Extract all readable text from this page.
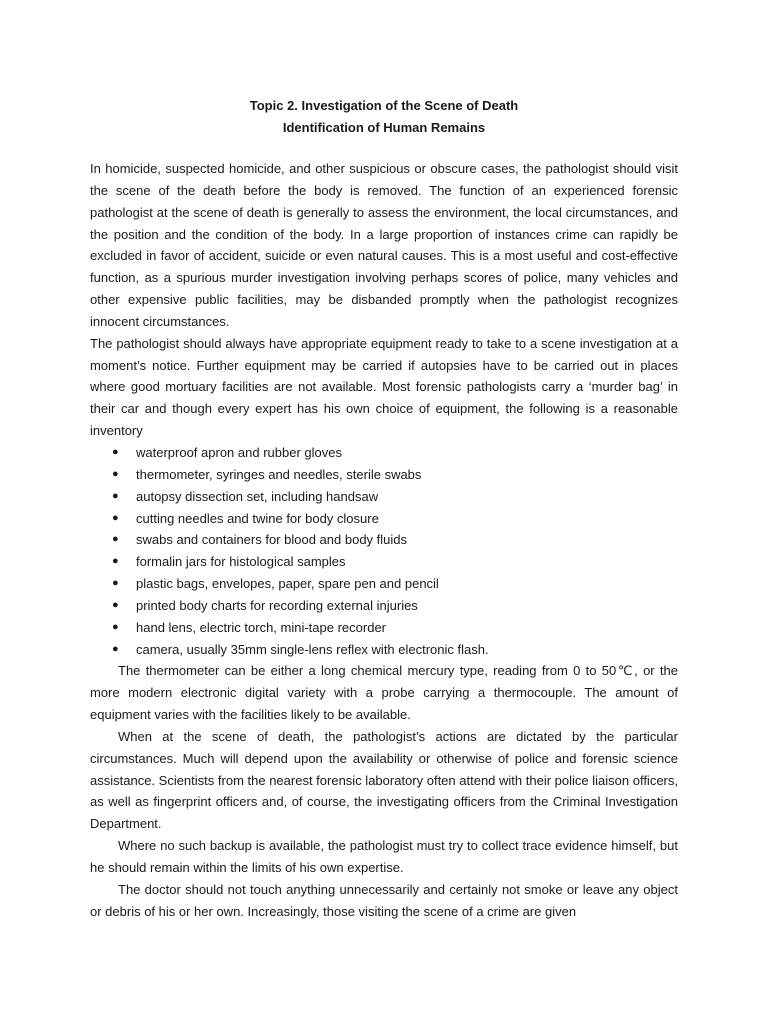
Topic 2. Investigation of the Scene of Death

Identification of Human Remains

In homicide, suspected homicide, and other suspicious or obscure cases, the pathologist should visit the scene of the death before the body is removed. The function of an experienced forensic pathologist at the scene of death is generally to assess the environment, the local circumstances, and the position and the condition of the body. In a large proportion of instances crime can rapidly be excluded in favor of accident, suicide or even natural causes. This is a most useful and cost-effective function, as a spurious murder investigation involving perhaps scores of police, many vehicles and other expensive public facilities, may be disbanded promptly when the pathologist recognizes innocent circumstances.

The pathologist should always have appropriate equipment ready to take to a scene investigation at a moment’s notice. Further equipment may be carried if autopsies have to be carried out in places where good mortuary facilities are not available. Most forensic pathologists carry a ‘murder bag’ in their car and though every expert has his own choice of equipment, the following is a reasonable inventory

● waterproof apron and rubber gloves
● thermometer, syringes and needles, sterile swabs
● autopsy dissection set, including handsaw
● cutting needles and twine for body closure
● swabs and containers for blood and body fluids
● formalin jars for histological samples
● plastic bags, envelopes, paper, spare pen and pencil
● printed body charts for recording external injuries
● hand lens, electric torch, mini-tape recorder
● camera, usually 35mm single-lens reflex with electronic flash.

The thermometer can be either a long chemical mercury type, reading from 0 to 50℃, or the more modern electronic digital variety with a probe carrying a thermocouple. The amount of equipment varies with the facilities likely to be available.

When at the scene of death, the pathologist’s actions are dictated by the particular circumstances. Much will depend upon the availability or otherwise of police and forensic science assistance. Scientists from the nearest forensic laboratory often attend with their police liaison officers, as well as fingerprint officers and, of course, the investigating officers from the Criminal Investigation Department.

Where no such backup is available, the pathologist must try to collect trace evidence himself, but he should remain within the limits of his own expertise.

The doctor should not touch anything unnecessarily and certainly not smoke or leave any object or debris of his or her own. Increasingly, those visiting the scene of a crime are given
